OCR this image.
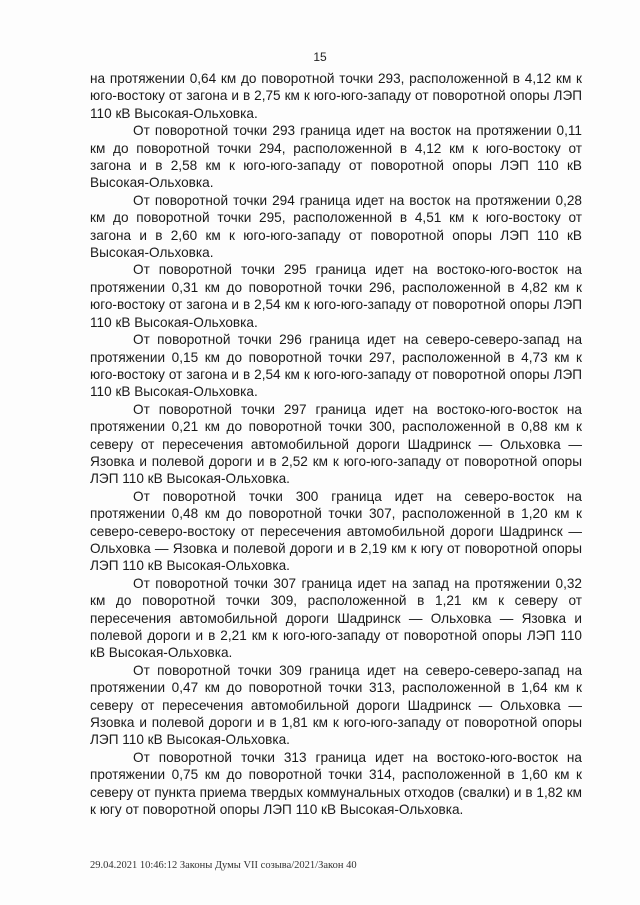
15

на протяжении 0,64 км до поворотной точки 293, расположенной в 4,12 км к юго-востоку от загона и в 2,75 км к юго-юго-западу от поворотной опоры ЛЭП 110 кВ Высокая-Ольховка.

От поворотной точки 293 граница идет на восток на протяжении 0,11 км до поворотной точки 294, расположенной в 4,12 км к юго-востоку от загона и в 2,58 км к юго-юго-западу от поворотной опоры ЛЭП 110 кВ Высокая-Ольховка.

От поворотной точки 294 граница идет на восток на протяжении 0,28 км до поворотной точки 295, расположенной в 4,51 км к юго-востоку от загона и в 2,60 км к юго-юго-западу от поворотной опоры ЛЭП 110 кВ Высокая-Ольховка.

От поворотной точки 295 граница идет на востоко-юго-восток на протяжении 0,31 км до поворотной точки 296, расположенной в 4,82 км к юго-востоку от загона и в 2,54 км к юго-юго-западу от поворотной опоры ЛЭП 110 кВ Высокая-Ольховка.

От поворотной точки 296 граница идет на северо-северо-запад на протяжении 0,15 км до поворотной точки 297, расположенной в 4,73 км к юго-востоку от загона и в 2,54 км к юго-юго-западу от поворотной опоры ЛЭП 110 кВ Высокая-Ольховка.

От поворотной точки 297 граница идет на востоко-юго-восток на протяжении 0,21 км до поворотной точки 300, расположенной в 0,88 км к северу от пересечения автомобильной дороги Шадринск — Ольховка — Язовка и полевой дороги и в 2,52 км к юго-юго-западу от поворотной опоры ЛЭП 110 кВ Высокая-Ольховка.

От поворотной точки 300 граница идет на северо-восток на протяжении 0,48 км до поворотной точки 307, расположенной в 1,20 км к северо-северо-востоку от пересечения автомобильной дороги Шадринск — Ольховка — Язовка и полевой дороги и в 2,19 км к югу от поворотной опоры ЛЭП 110 кВ Высокая-Ольховка.

От поворотной точки 307 граница идет на запад на протяжении 0,32 км до поворотной точки 309, расположенной в 1,21 км к северу от пересечения автомобильной дороги Шадринск — Ольховка — Язовка и полевой дороги и в 2,21 км к юго-юго-западу от поворотной опоры ЛЭП 110 кВ Высокая-Ольховка.

От поворотной точки 309 граница идет на северо-северо-запад на протяжении 0,47 км до поворотной точки 313, расположенной в 1,64 км к северу от пересечения автомобильной дороги Шадринск — Ольховка — Язовка и полевой дороги и в 1,81 км к юго-юго-западу от поворотной опоры ЛЭП 110 кВ Высокая-Ольховка.

От поворотной точки 313 граница идет на востоко-юго-восток на протяжении 0,75 км до поворотной точки 314, расположенной в 1,60 км к северу от пункта приема твердых коммунальных отходов (свалки) и в 1,82 км к югу от поворотной опоры ЛЭП 110 кВ Высокая-Ольховка.

29.04.2021 10:46:12 Законы Думы VII созыва/2021/Закон 40
